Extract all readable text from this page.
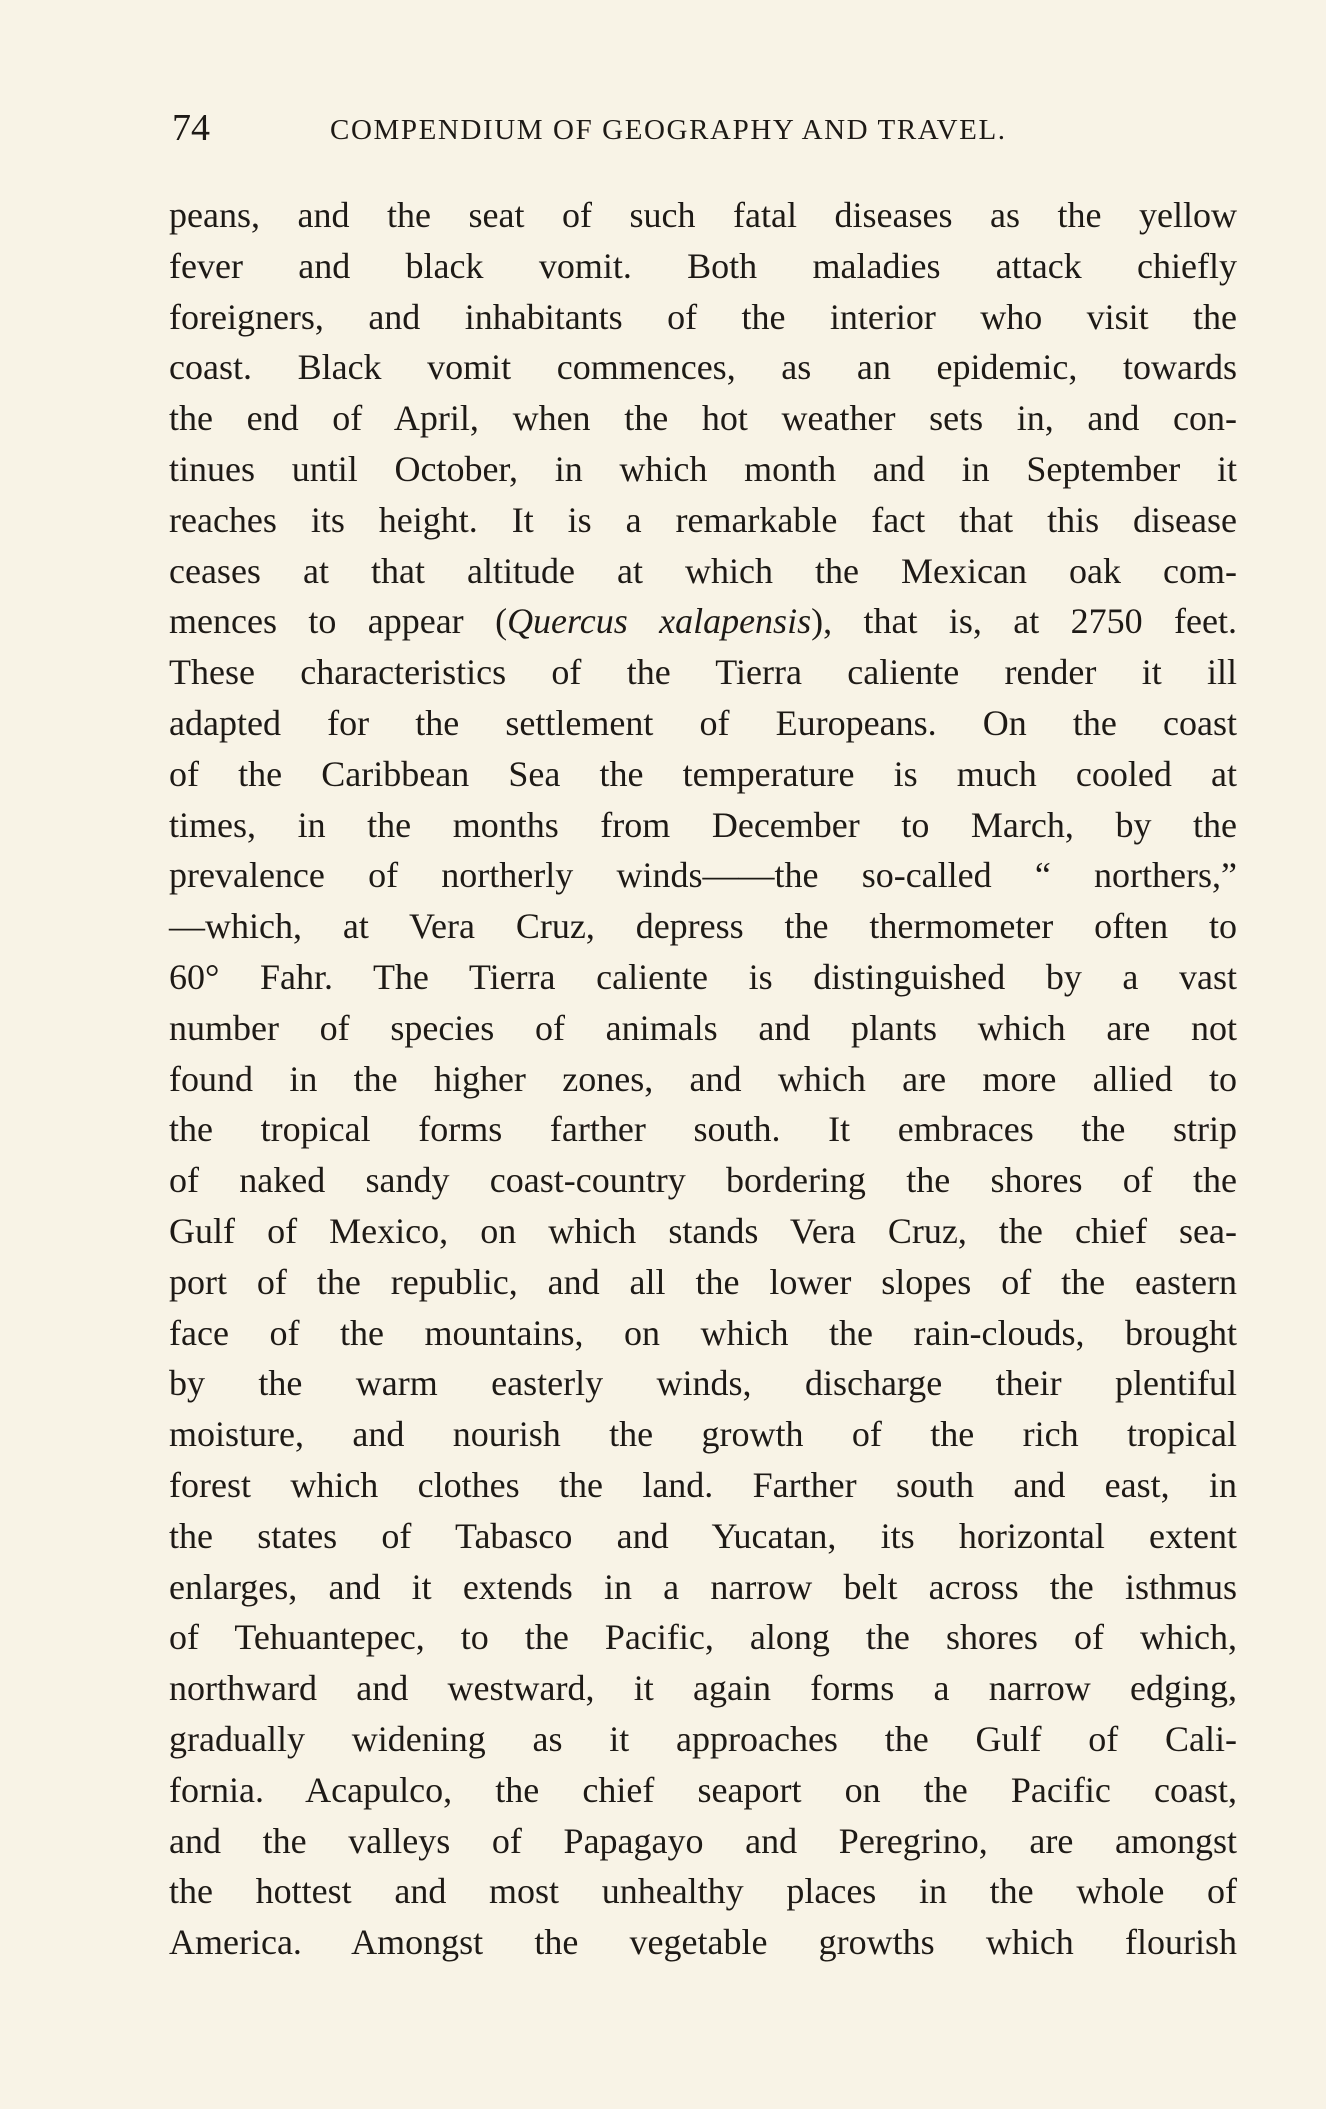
74	COMPENDIUM OF GEOGRAPHY AND TRAVEL.
peans, and the seat of such fatal diseases as the yellow
fever and black vomit. Both maladies attack chiefly
foreigners, and inhabitants of the interior who visit the
coast. Black vomit commences, as an epidemic, towards
the end of April, when the hot weather sets in, and con-
tinues until October, in which month and in September it
reaches its height. It is a remarkable fact that this disease
ceases at that altitude at which the Mexican oak com-
mences to appear (Quercus xalapensis), that is, at 2750 feet.
These characteristics of the Tierra caliente render it ill
adapted for the settlement of Europeans. On the coast
of the Caribbean Sea the temperature is much cooled at
times, in the months from December to March, by the
prevalence of northerly winds——the so-called “ northers,”
—which, at Vera Cruz, depress the thermometer often to
60° Fahr. The Tierra caliente is distinguished by a vast
number of species of animals and plants which are not
found in the higher zones, and which are more allied to
the tropical forms farther south. It embraces the strip
of naked sandy coast-country bordering the shores of the
Gulf of Mexico, on which stands Vera Cruz, the chief sea-
port of the republic, and all the lower slopes of the eastern
face of the mountains, on which the rain-clouds, brought
by the warm easterly winds, discharge their plentiful
moisture, and nourish the growth of the rich tropical
forest which clothes the land. Farther south and east, in
the states of Tabasco and Yucatan, its horizontal extent
enlarges, and it extends in a narrow belt across the isthmus
of Tehuantepec, to the Pacific, along the shores of which,
northward and westward, it again forms a narrow edging,
gradually widening as it approaches the Gulf of Cali-
fornia. Acapulco, the chief seaport on the Pacific coast,
and the valleys of Papagayo and Peregrino, are amongst
the hottest and most unhealthy places in the whole of
America. Amongst the vegetable growths which flourish
